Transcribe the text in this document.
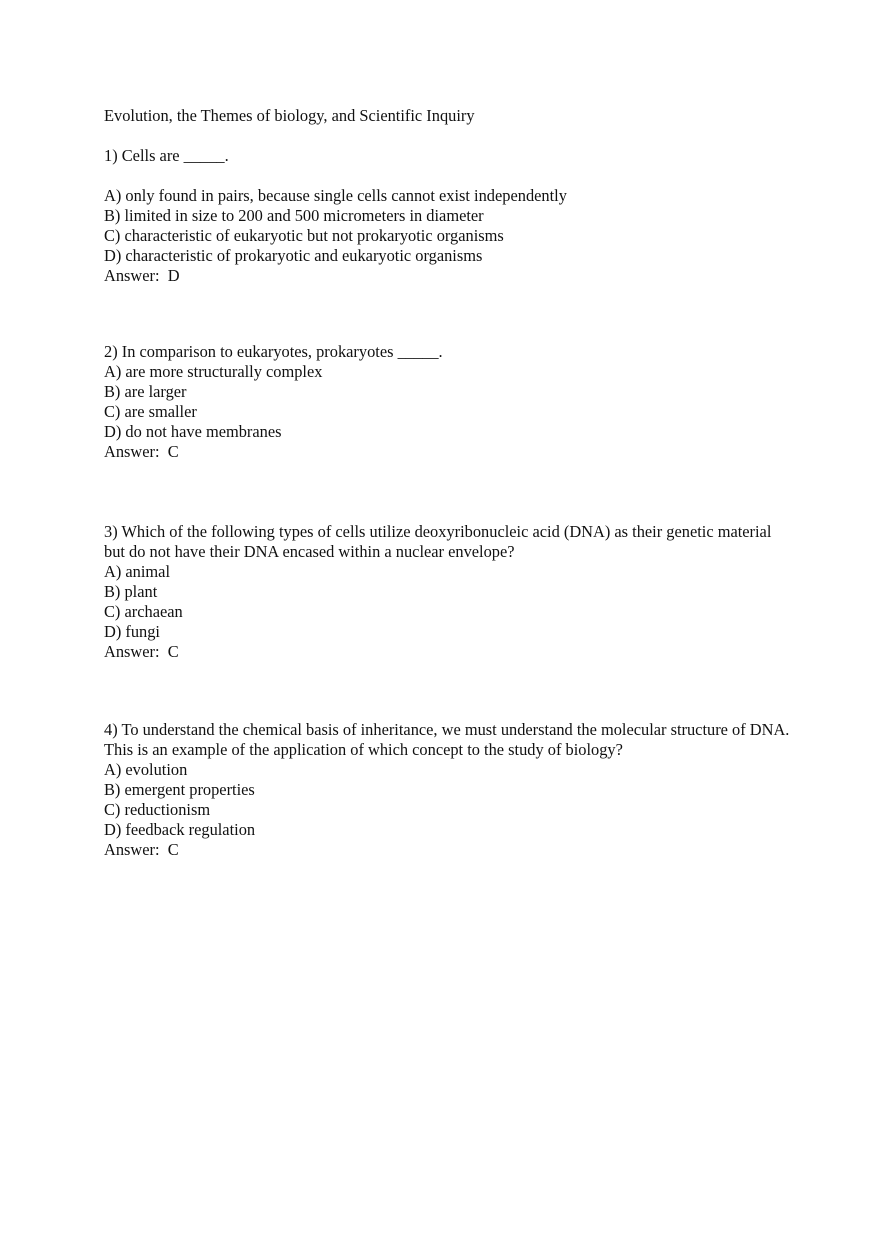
Evolution, the Themes of biology, and Scientific Inquiry

1) Cells are _____.

A) only found in pairs, because single cells cannot exist independently
B) limited in size to 200 and 500 micrometers in diameter
C) characteristic of eukaryotic but not prokaryotic organisms
D) characteristic of prokaryotic and eukaryotic organisms

Answer:  D

2) In comparison to eukaryotes, prokaryotes _____.

A) are more structurally complex
B) are larger
C) are smaller
D) do not have membranes

Answer:  C

3) Which of the following types of cells utilize deoxyribonucleic acid (DNA) as their genetic material but do not have their DNA encased within a nuclear envelope?

A) animal
B) plant
C) archaean
D) fungi

Answer:  C

4) To understand the chemical basis of inheritance, we must understand the molecular structure of DNA. This is an example of the application of which concept to the study of biology?

A) evolution
B) emergent properties
C) reductionism
D) feedback regulation

Answer:  C
